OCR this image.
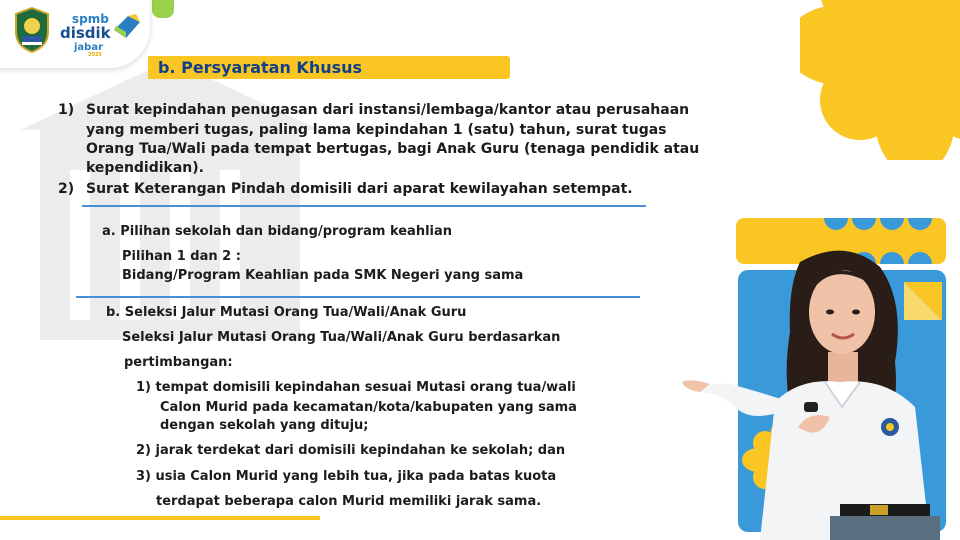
spmb
disdik
jabar
2025
b. Persyaratan Khusus
1) Surat kepindahan penugasan dari instansi/lembaga/kantor atau perusahaan
yang memberi tugas, paling lama kepindahan 1 (satu) tahun, surat tugas
Orang Tua/Wali pada tempat bertugas, bagi Anak Guru (tenaga pendidik atau
kependidikan).
2) Surat Keterangan Pindah domisili dari aparat kewilayahan setempat.
a. Pilihan sekolah dan bidang/program keahlian
Pilihan 1 dan 2 :
Bidang/Program Keahlian pada SMK Negeri yang sama
b. Seleksi Jalur Mutasi Orang Tua/Wali/Anak Guru
Seleksi Jalur Mutasi Orang Tua/Wali/Anak Guru berdasarkan
pertimbangan:
1) tempat domisili kepindahan sesuai Mutasi orang tua/wali
Calon Murid pada kecamatan/kota/kabupaten yang sama
dengan sekolah yang dituju;
2) jarak terdekat dari domisili kepindahan ke sekolah; dan
3) usia Calon Murid yang lebih tua, jika pada batas kuota
terdapat beberapa calon Murid memiliki jarak sama.
